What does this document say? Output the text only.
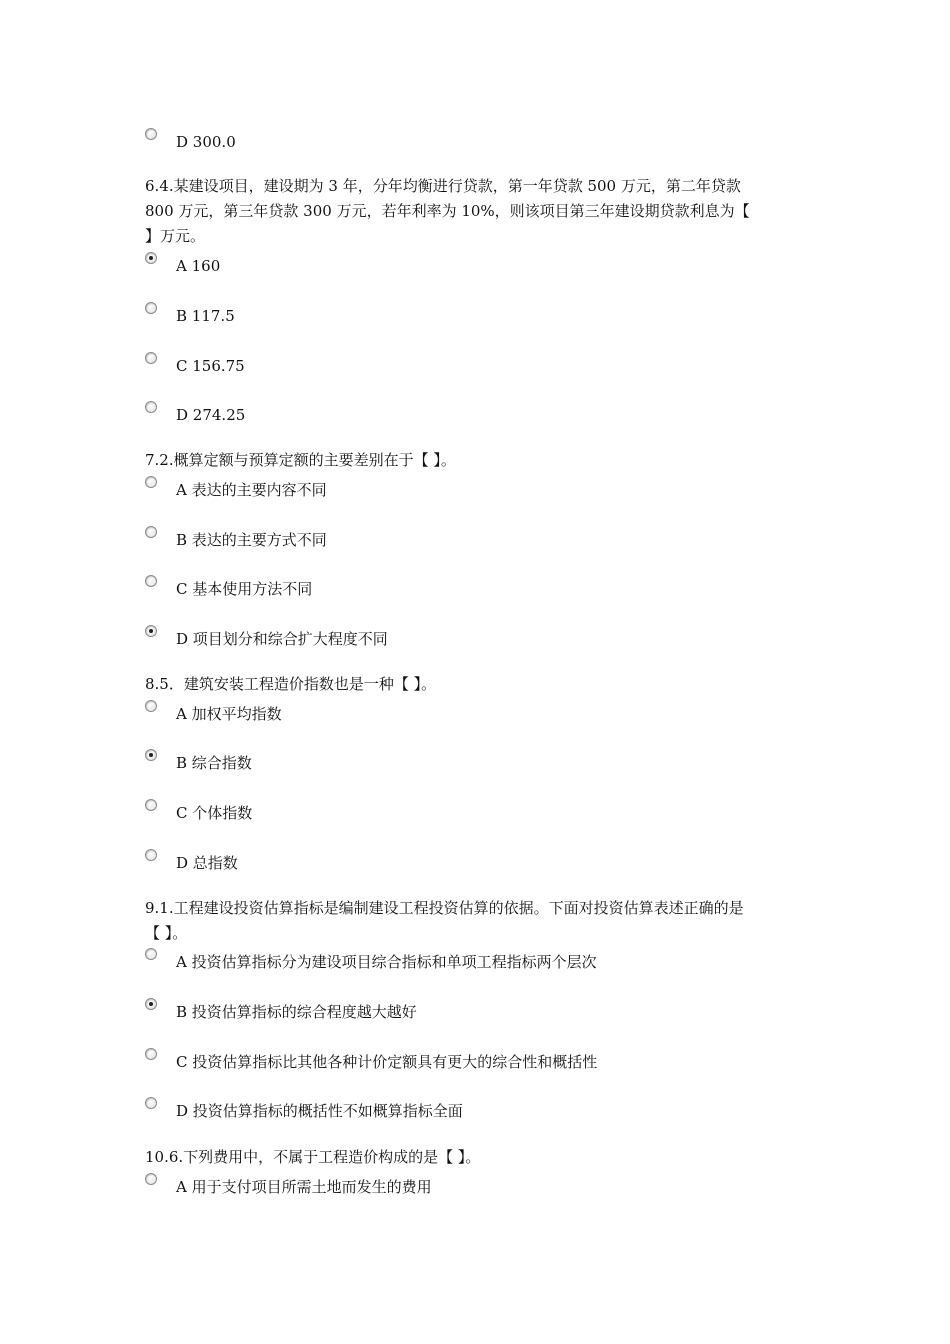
D 300.0
6.4.某建设项目，建设期为 3 年，分年均衡进行贷款，第一年贷款 500 万元，第二年贷款
800 万元，第三年贷款 300 万元，若年利率为 10%，则该项目第三年建设期贷款利息为【
】万元。
A 160
B 117.5
C 156.75
D 274.25
7.2.概算定额与预算定额的主要差别在于【 】。
A 表达的主要内容不同
B 表达的主要方式不同
C 基本使用方法不同
D 项目划分和综合扩大程度不同
8.5．建筑安装工程造价指数也是一种【 】。
A 加权平均指数
B 综合指数
C 个体指数
D 总指数
9.1.工程建设投资估算指标是编制建设工程投资估算的依据。下面对投资估算表述正确的是
【 】。
A 投资估算指标分为建设项目综合指标和单项工程指标两个层次
B 投资估算指标的综合程度越大越好
C 投资估算指标比其他各种计价定额具有更大的综合性和概括性
D 投资估算指标的概括性不如概算指标全面
10.6.下列费用中，不属于工程造价构成的是【 】。
A 用于支付项目所需土地而发生的费用
